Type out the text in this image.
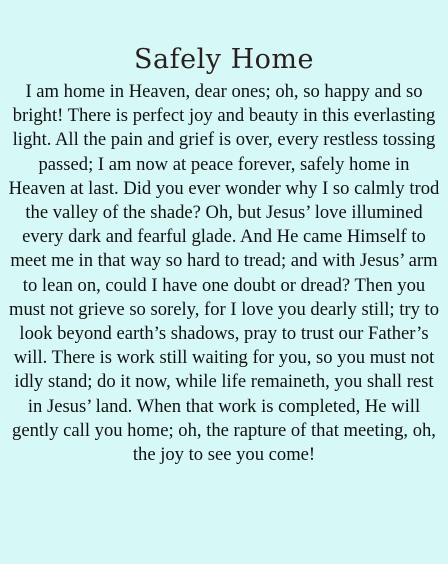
Safely Home

I am home in Heaven, dear ones; oh, so happy and so bright! There is perfect joy and beauty in this everlasting light. All the pain and grief is over, every restless tossing passed; I am now at peace forever, safely home in Heaven at last. Did you ever wonder why I so calmly trod the valley of the shade? Oh, but Jesus’ love illumined every dark and fearful glade. And He came Himself to meet me in that way so hard to tread; and with Jesus’ arm to lean on, could I have one doubt or dread? Then you must not grieve so sorely, for I love you dearly still; try to look beyond earth’s shadows, pray to trust our Father’s will. There is work still waiting for you, so you must not idly stand; do it now, while life remaineth, you shall rest in Jesus’ land. When that work is completed, He will gently call you home; oh, the rapture of that meeting, oh, the joy to see you come!
